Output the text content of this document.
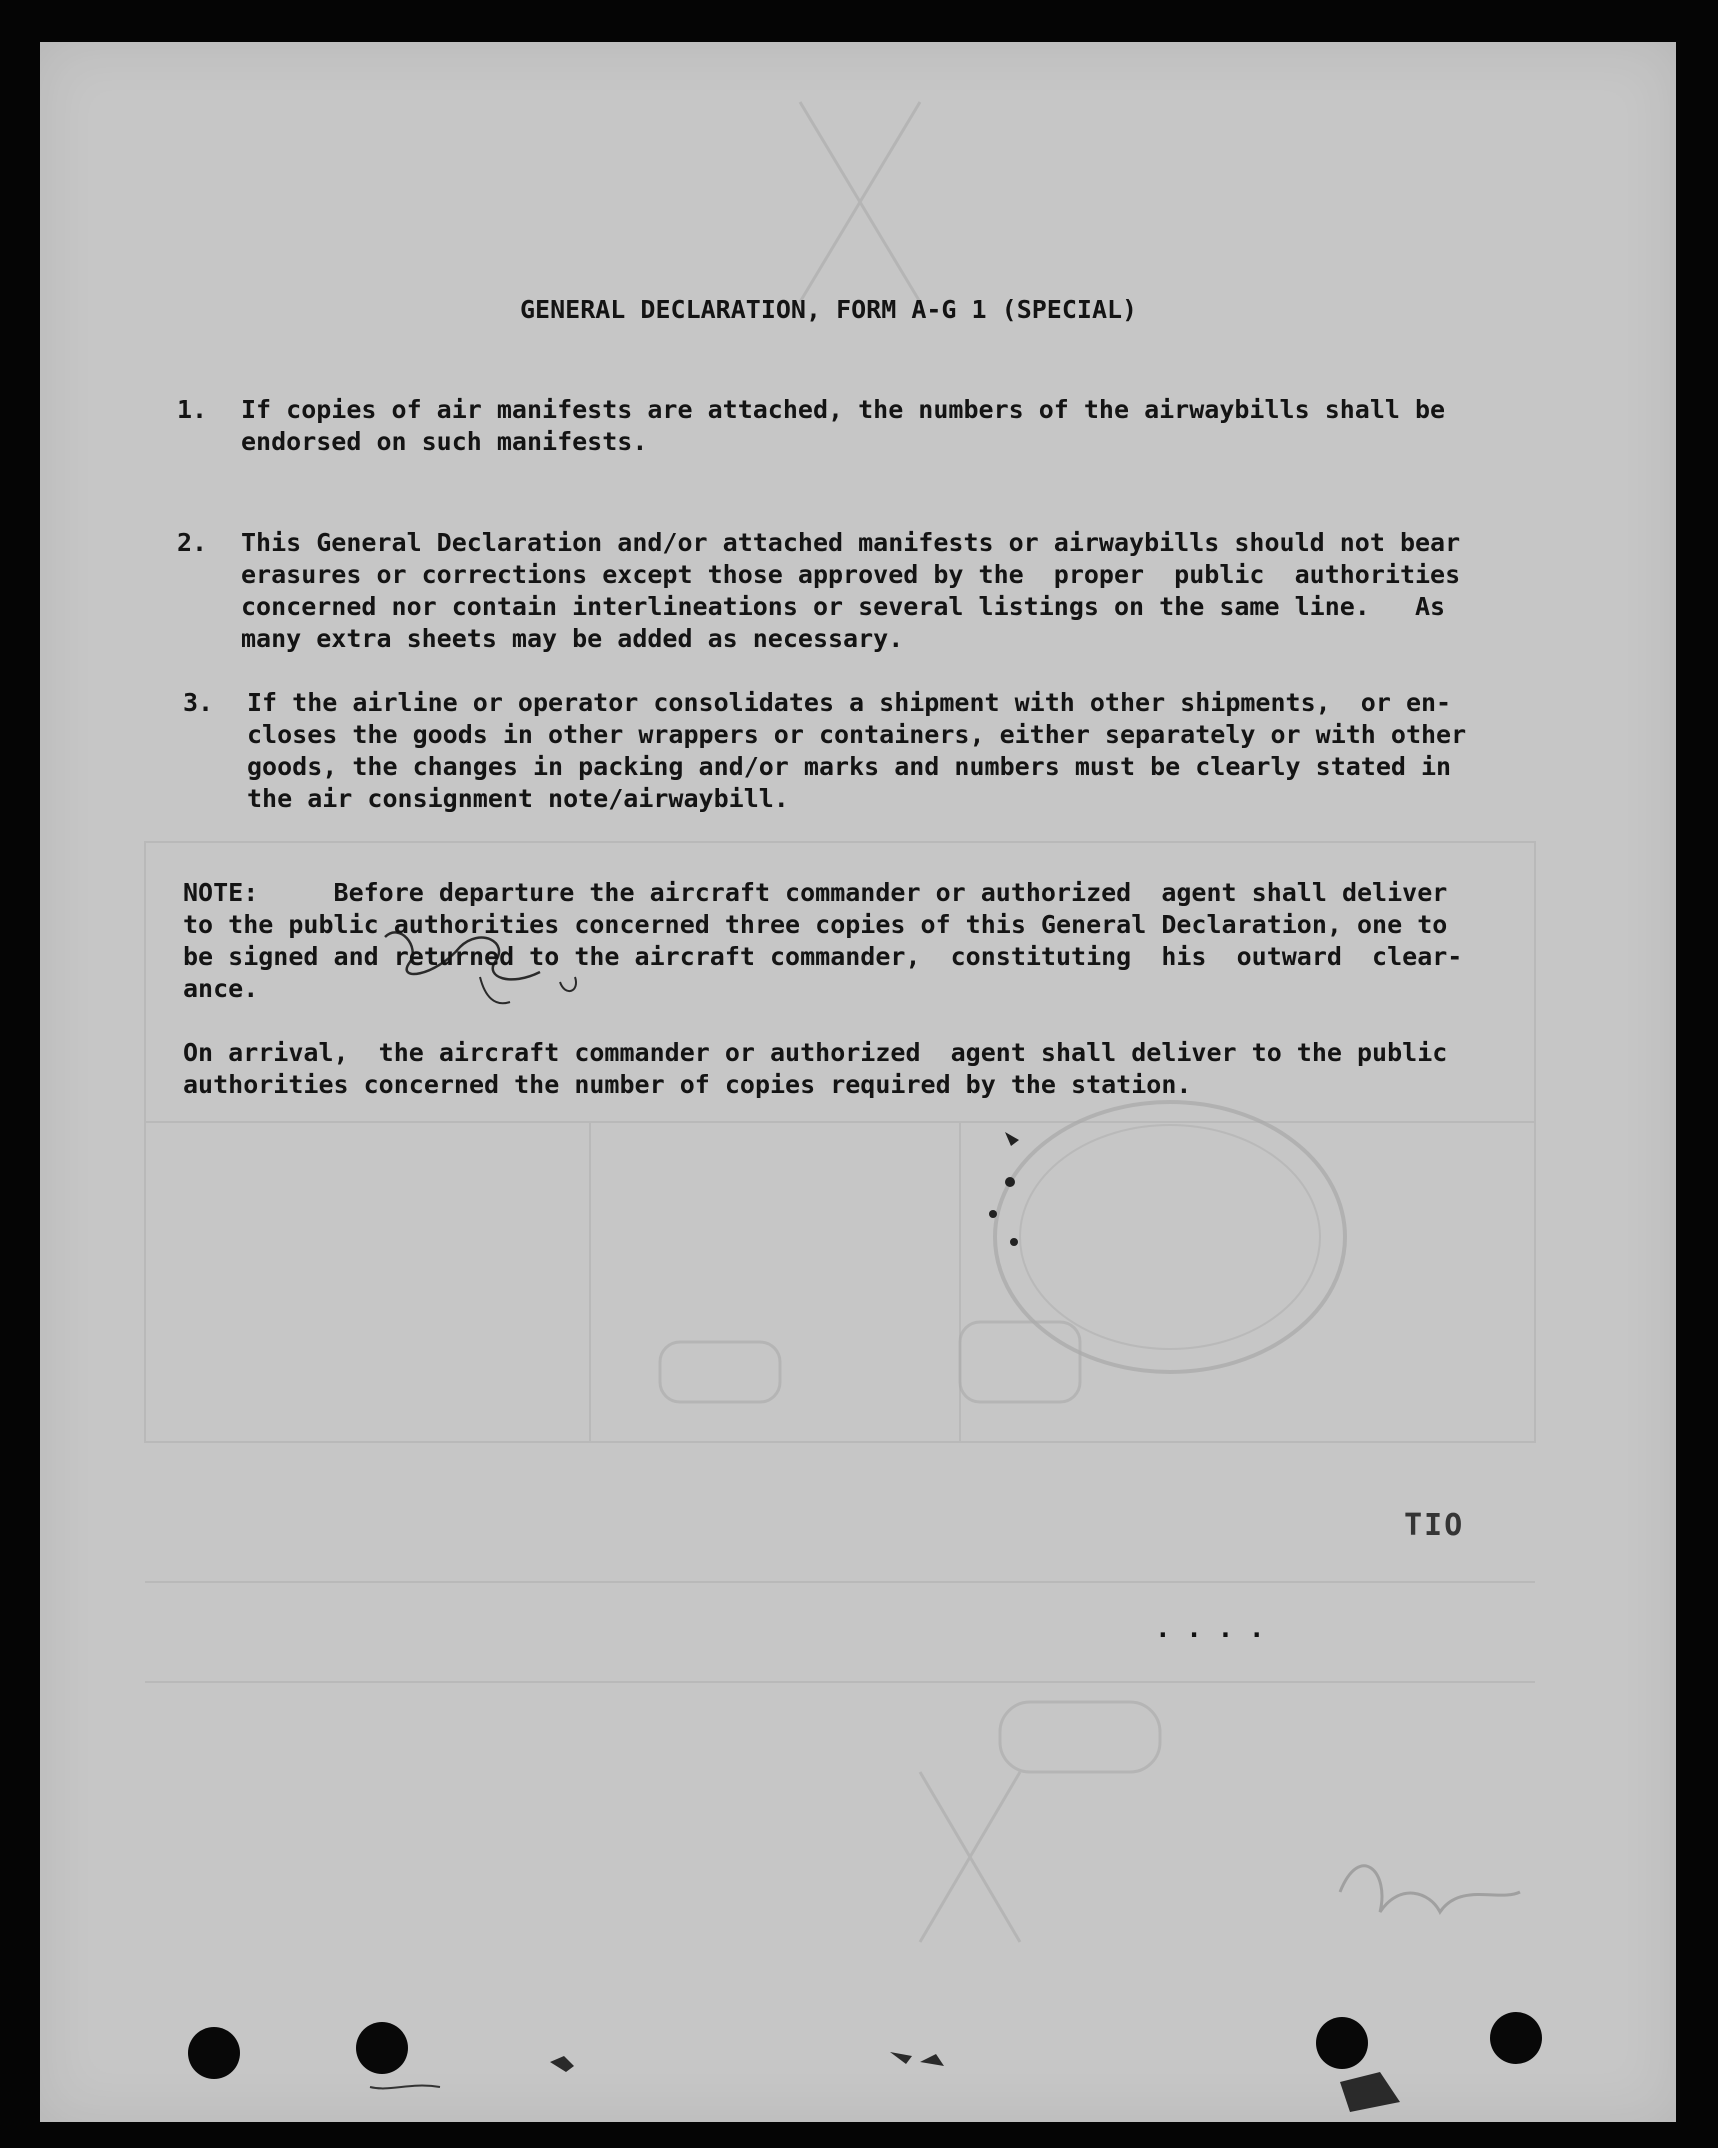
GENERAL DECLARATION, FORM A-G 1 (SPECIAL)

1. If copies of air manifests are attached, the numbers of the airwaybills shall be
endorsed on such manifests.

2. This General Declaration and/or attached manifests or airwaybills should not bear
erasures or corrections except those approved by the  proper  public  authorities
concerned nor contain interlineations or several listings on the same line.   As
many extra sheets may be added as necessary.

3. If the airline or operator consolidates a shipment with other shipments,  or en-
closes the goods in other wrappers or containers, either separately or with other
goods, the changes in packing and/or marks and numbers must be clearly stated in
the air consignment note/airwaybill.

NOTE:     Before departure the aircraft commander or authorized  agent shall deliver
to the public authorities concerned three copies of this General Declaration, one to
be signed and returned to the aircraft commander,  constituting  his  outward  clear-
ance.

On arrival,  the aircraft commander or authorized  agent shall deliver to the public
authorities concerned the number of copies required by the station.

OIT
. . . .
